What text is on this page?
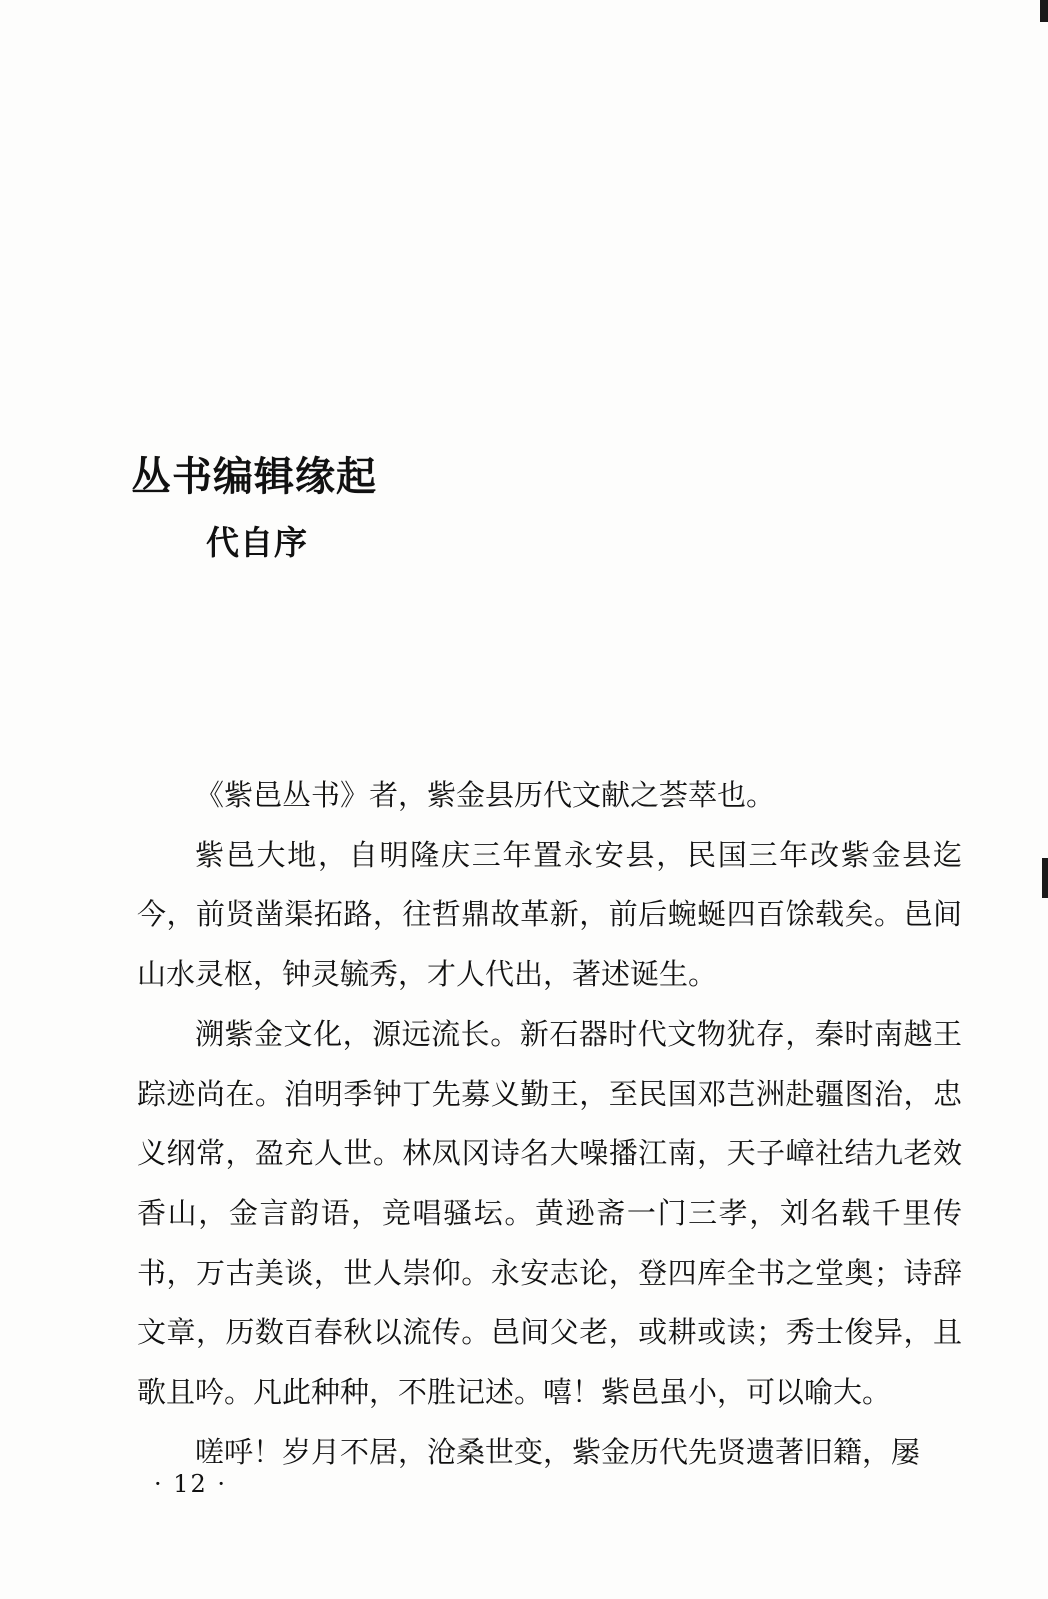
丛书编辑缘起
代自序

《紫邑丛书》者，紫金县历代文献之荟萃也。

紫邑大地，自明隆庆三年置永安县，民国三年改紫金县迄今，前贤凿渠拓路，往哲鼎故革新，前后蜿蜒四百馀载矣。邑间山水灵枢，钟灵毓秀，才人代出，著述诞生。

溯紫金文化，源远流长。新石器时代文物犹存，秦时南越王踪迹尚在。洎明季钟丁先募义勤王，至民国邓芑洲赴疆图治，忠义纲常，盈充人世。林凤冈诗名大噪播江南，天子嶂社结九老效香山，金言韵语，竞唱骚坛。黄逊斋一门三孝，刘名载千里传书，万古美谈，世人崇仰。永安志论，登四库全书之堂奥；诗辞文章，历数百春秋以流传。邑间父老，或耕或读；秀士俊异，且歌且吟。凡此种种，不胜记述。嘻！紫邑虽小，可以喻大。

嗟呼！岁月不居，沧桑世变，紫金历代先贤遗著旧籍，屡

· 12 ·
